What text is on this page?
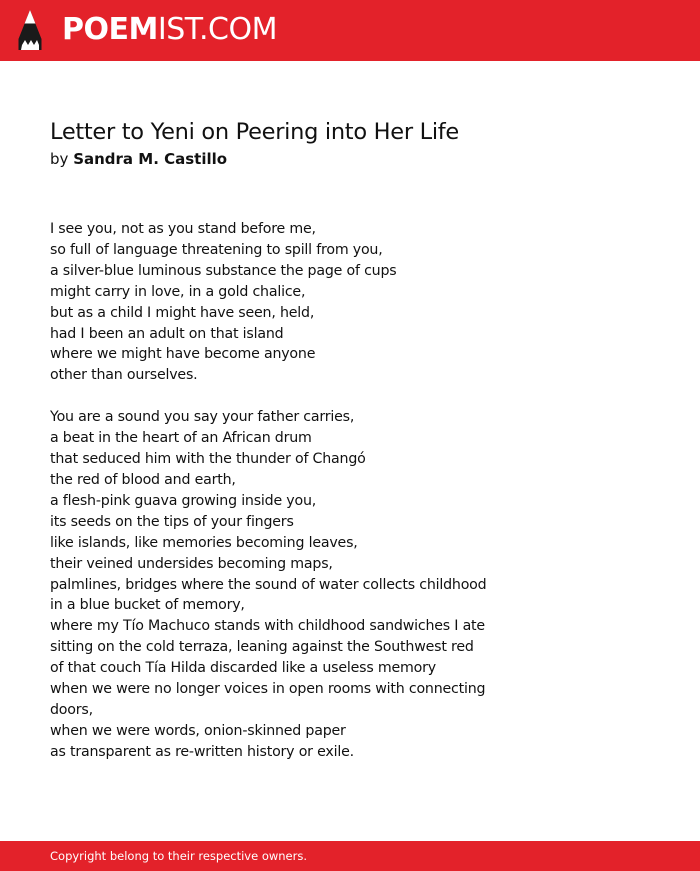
POEMIST.COM
Letter to Yeni on Peering into Her Life
by Sandra M. Castillo
I see you, not as you stand before me,
so full of language threatening to spill from you,
a silver-blue luminous substance the page of cups
might carry in love, in a gold chalice,
but as a child I might have seen, held,
had I been an adult on that island
where we might have become anyone
other than ourselves.
You are a sound you say your father carries,
a beat in the heart of an African drum
that seduced him with the thunder of Changó
the red of blood and earth,
a flesh-pink guava growing inside you,
its seeds on the tips of your fingers
like islands, like memories becoming leaves,
their veined undersides becoming maps,
palmlines, bridges where the sound of water collects childhood
in a blue bucket of memory,
where my Tío Machuco stands with childhood sandwiches I ate
sitting on the cold terraza, leaning against the Southwest red
of that couch Tía Hilda discarded like a useless memory
when we were no longer voices in open rooms with connecting
doors,
when we were words, onion-skinned paper
as transparent as re-written history or exile.
Copyright belong to their respective owners.
